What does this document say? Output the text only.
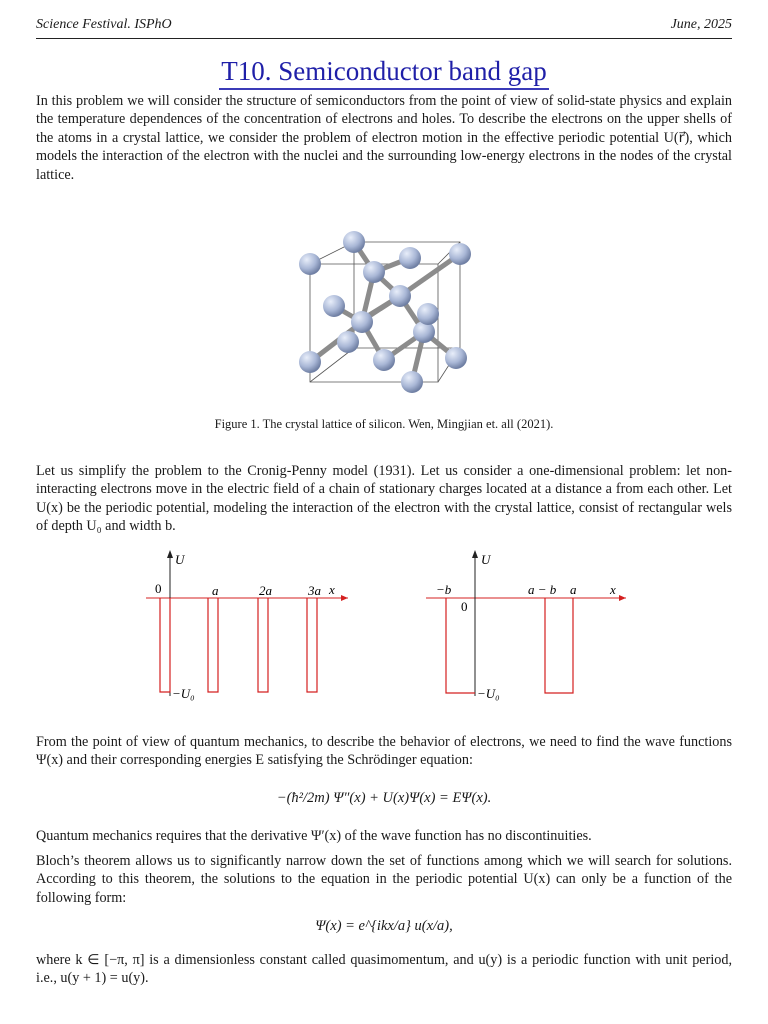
Science Festival. ISPhO	June, 2025
T10. Semiconductor band gap

In this problem we will consider the structure of semiconductors from the point of view of solid-state physics and explain the temperature dependences of the concentration of electrons and holes. To describe the electrons on the upper shells of the atoms in a crystal lattice, we consider the problem of electron motion in the effective periodic potential U(r⃗), which models the interaction of the electron with the nuclei and the surrounding low-energy electrons in the nodes of the crystal lattice.

Figure 1. The crystal lattice of silicon. Wen, Mingjian et. all (2021).

Let us simplify the problem to the Cronig-Penny model (1931). Let us consider a one-dimensional problem: let non-interacting electrons move in the electric field of a chain of stationary charges located at a distance a from each other. Let U(x) be the periodic potential, modeling the interaction of the electron with the crystal lattice, consist of rectangular wels of depth U₀ and width b.

U
x
0	a	2a	3a
−U₀
U
x
−b
0
a − b a
−U₀

From the point of view of quantum mechanics, to describe the behavior of electrons, we need to find the wave functions Ψ(x) and their corresponding energies E satisfying the Schrödinger equation:

−(ħ²/2m) Ψ″(x) + U(x)Ψ(x) = EΨ(x).

Quantum mechanics requires that the derivative Ψ′(x) of the wave function has no discontinuities.

Bloch’s theorem allows us to significantly narrow down the set of functions among which we will search for solutions. According to this theorem, the solutions to the equation in the periodic potential U(x) can only be a function of the following form:

Ψ(x) = e^{ikx/a} u(x/a),

where k ∈ [−π, π] is a dimensionless constant called quasimomentum, and u(y) is a periodic function with unit period, i.e., u(y + 1) = u(y).
